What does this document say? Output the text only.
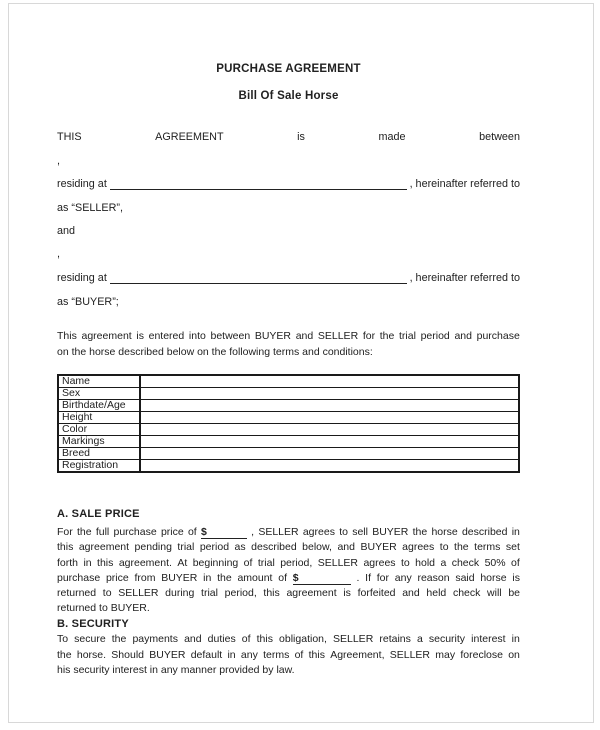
PURCHASE AGREEMENT
Bill Of Sale Horse
THIS	AGREEMENT	is	made	between
,
residing at	, hereinafter referred to
as “SELLER”,
and
,
residing at	, hereinafter referred to
as “BUYER”;
This agreement is entered into between BUYER and SELLER for the trial period and purchase
on the horse described below on the following terms and conditions:
Name	
Sex	
Birthdate/Age	
Height	
Color	
Markings	
Breed	
Registration	
A. SALE PRICE
For the full purchase price of $	, SELLER agrees to sell BUYER the horse described in
this agreement pending trial period as described below, and BUYER agrees to the terms set
forth in this agreement. At beginning of trial period, SELLER agrees to hold a check 50% of
purchase price from BUYER in the amount of $	. If for any reason said horse is
returned to SELLER during trial period, this agreement is forfeited and held check will be
returned to BUYER.
B. SECURITY
To secure the payments and duties of this obligation, SELLER retains a security interest in
the horse. Should BUYER default in any terms of this Agreement, SELLER may foreclose on
his security interest in any manner provided by law.
